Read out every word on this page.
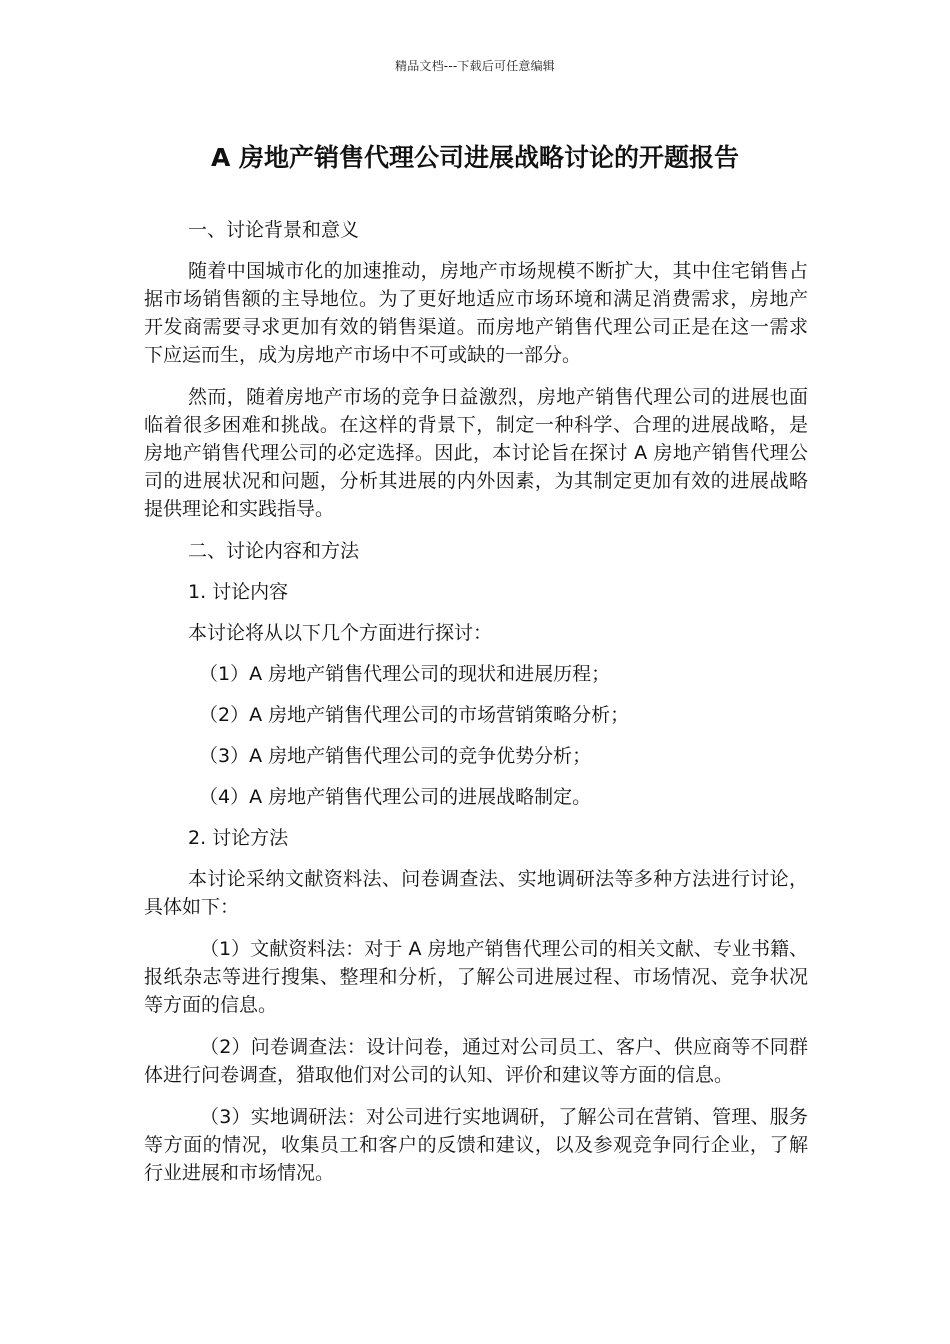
精品文档---下载后可任意编辑
A 房地产销售代理公司进展战略讨论的开题报告

一、讨论背景和意义

随着中国城市化的加速推动，房地产市场规模不断扩大，其中住宅销售占据市场销售额的主导地位。为了更好地适应市场环境和满足消费需求，房地产开发商需要寻求更加有效的销售渠道。而房地产销售代理公司正是在这一需求下应运而生，成为房地产市场中不可或缺的一部分。

然而，随着房地产市场的竞争日益激烈，房地产销售代理公司的进展也面临着很多困难和挑战。在这样的背景下，制定一种科学、合理的进展战略，是房地产销售代理公司的必定选择。因此，本讨论旨在探讨 A 房地产销售代理公司的进展状况和问题，分析其进展的内外因素，为其制定更加有效的进展战略提供理论和实践指导。

二、讨论内容和方法

1. 讨论内容

本讨论将从以下几个方面进行探讨：

（1）A 房地产销售代理公司的现状和进展历程；

（2）A 房地产销售代理公司的市场营销策略分析；

（3）A 房地产销售代理公司的竞争优势分析；

（4）A 房地产销售代理公司的进展战略制定。

2. 讨论方法

本讨论采纳文献资料法、问卷调查法、实地调研法等多种方法进行讨论，具体如下：

（1）文献资料法：对于 A 房地产销售代理公司的相关文献、专业书籍、报纸杂志等进行搜集、整理和分析，了解公司进展过程、市场情况、竞争状况等方面的信息。

（2）问卷调查法：设计问卷，通过对公司员工、客户、供应商等不同群体进行问卷调查，猎取他们对公司的认知、评价和建议等方面的信息。

（3）实地调研法：对公司进行实地调研，了解公司在营销、管理、服务等方面的情况，收集员工和客户的反馈和建议，以及参观竞争同行企业，了解行业进展和市场情况。
